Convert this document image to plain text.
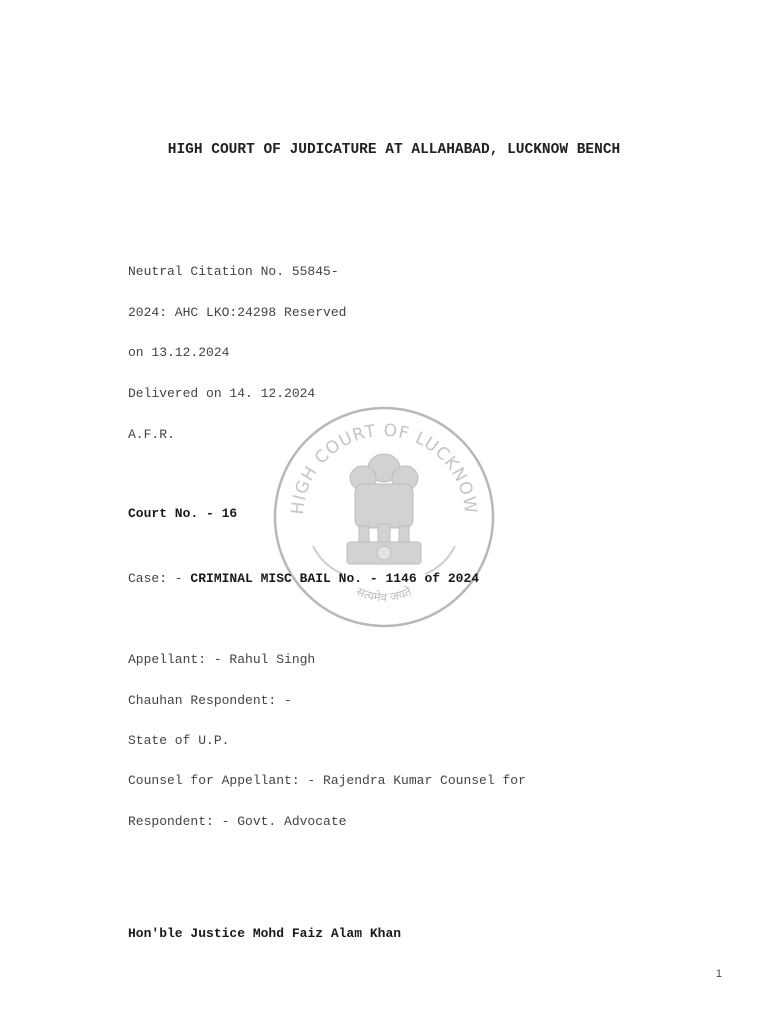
HIGH COURT OF LUCKNOW
सत्यमेव जयते
HIGH COURT OF JUDICATURE AT ALLAHABAD, LUCKNOW BENCH
Neutral Citation No. 55845-
2024: AHC LKO:24298 Reserved
on 13.12.2024
Delivered on 14. 12.2024
A.F.R.
Court No. - 16
Case: - CRIMINAL MISC BAIL No. - 1146 of 2024
Appellant: - Rahul Singh
Chauhan Respondent: -
State of U.P.
Counsel for Appellant: - Rajendra Kumar Counsel for
Respondent: - Govt. Advocate
Hon'ble Justice Mohd Faiz Alam Khan
1
